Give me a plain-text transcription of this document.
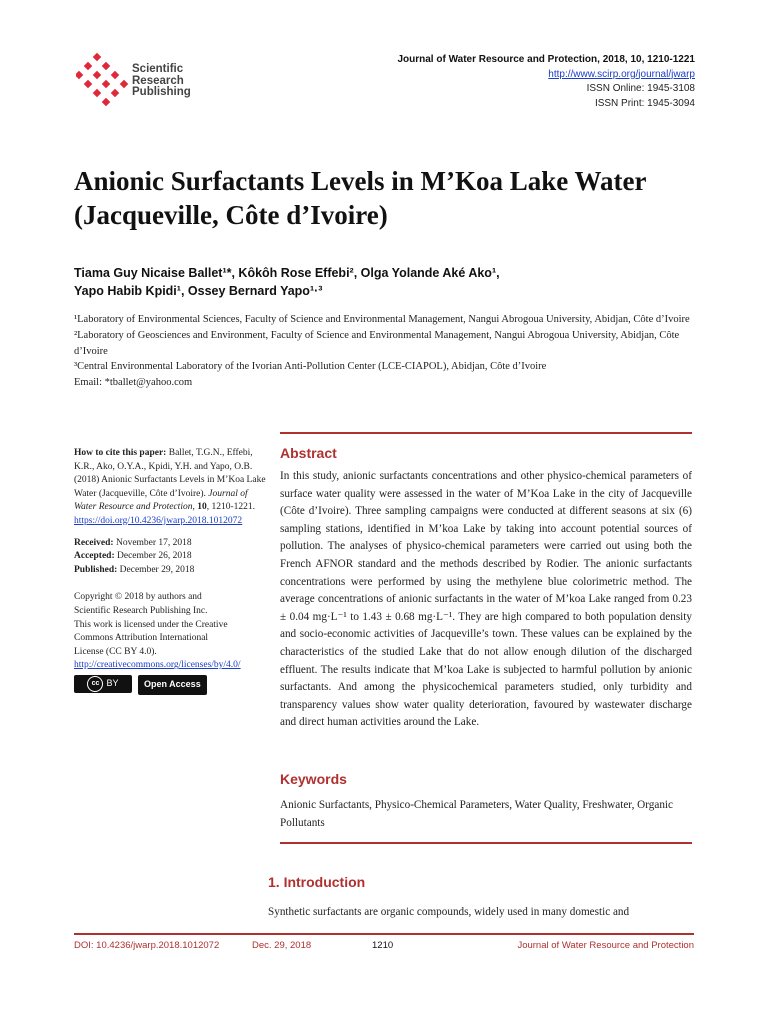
Scientific
Research
Publishing
Journal of Water Resource and Protection, 2018, 10, 1210-1221
http://www.scirp.org/journal/jwarp
ISSN Online: 1945-3108
ISSN Print: 1945-3094
Anionic Surfactants Levels in M’Koa Lake Water
(Jacqueville, Côte d’Ivoire)
Tiama Guy Nicaise Ballet¹*, Kôkôh Rose Effebi², Olga Yolande Aké Ako¹,
Yapo Habib Kpidi¹, Ossey Bernard Yapo¹·³

¹Laboratory of Environmental Sciences, Faculty of Science and Environmental Management, Nangui Abrogoua University, Abidjan, Côte d’Ivoire

²Laboratory of Geosciences and Environment, Faculty of Science and Environmental Management, Nangui Abrogoua University, Abidjan, Côte d’Ivoire

³Central Environmental Laboratory of the Ivorian Anti-Pollution Center (LCE-CIAPOL), Abidjan, Côte d’Ivoire

Email: *tballet@yahoo.com

How to cite this paper: Ballet, T.G.N., Effebi, K.R., Ako, O.Y.A., Kpidi, Y.H. and Yapo, O.B. (2018) Anionic Surfactants Levels in M’Koa Lake Water (Jacqueville, Côte d’Ivoire). Journal of Water Resource and Protection, 10, 1210-1221.
https://doi.org/10.4236/jwarp.2018.1012072
Received: November 17, 2018
Accepted: December 26, 2018
Published: December 29, 2018
Copyright © 2018 by authors and
Scientific Research Publishing Inc.
This work is licensed under the Creative
Commons Attribution International
License (CC BY 4.0).
http://creativecommons.org/licenses/by/4.0/
cc BY	Open Access
Abstract
In this study, anionic surfactants concentrations and other physico-chemical parameters of surface water quality were assessed in the water of M’Koa Lake in the city of Jacqueville (Côte d’Ivoire). Three sampling campaigns were conducted at different seasons at six (6) sampling stations, identified in M’koa Lake by taking into account potential sources of pollution. The analyses of physico-chemical parameters were carried out using both the French AFNOR standard and the methods described by Rodier. The anionic surfactants concentrations were performed by using the methylene blue colorimetric method. The average concentrations of anionic surfactants in the water of M’koa Lake ranged from 0.23 ± 0.04 mg·L⁻¹ to 1.43 ± 0.68 mg·L⁻¹. They are high compared to both population density and socio-economic activities of Jacqueville’s town. These values can be explained by the characteristics of the studied Lake that do not allow enough dilution of the discharged effluent. The results indicate that M’koa Lake is subjected to harmful pollution by anionic surfactants. And among the physicochemical parameters studied, only turbidity and transparency values show water quality deterioration, favoured by wastewater discharge and direct human activities around the Lake.
Keywords
Anionic Surfactants, Physico-Chemical Parameters, Water Quality, Freshwater, Organic Pollutants
1. Introduction
Synthetic surfactants are organic compounds, widely used in many domestic and
DOI: 10.4236/jwarp.2018.1012072	Dec. 29, 2018	1210	Journal of Water Resource and Protection
